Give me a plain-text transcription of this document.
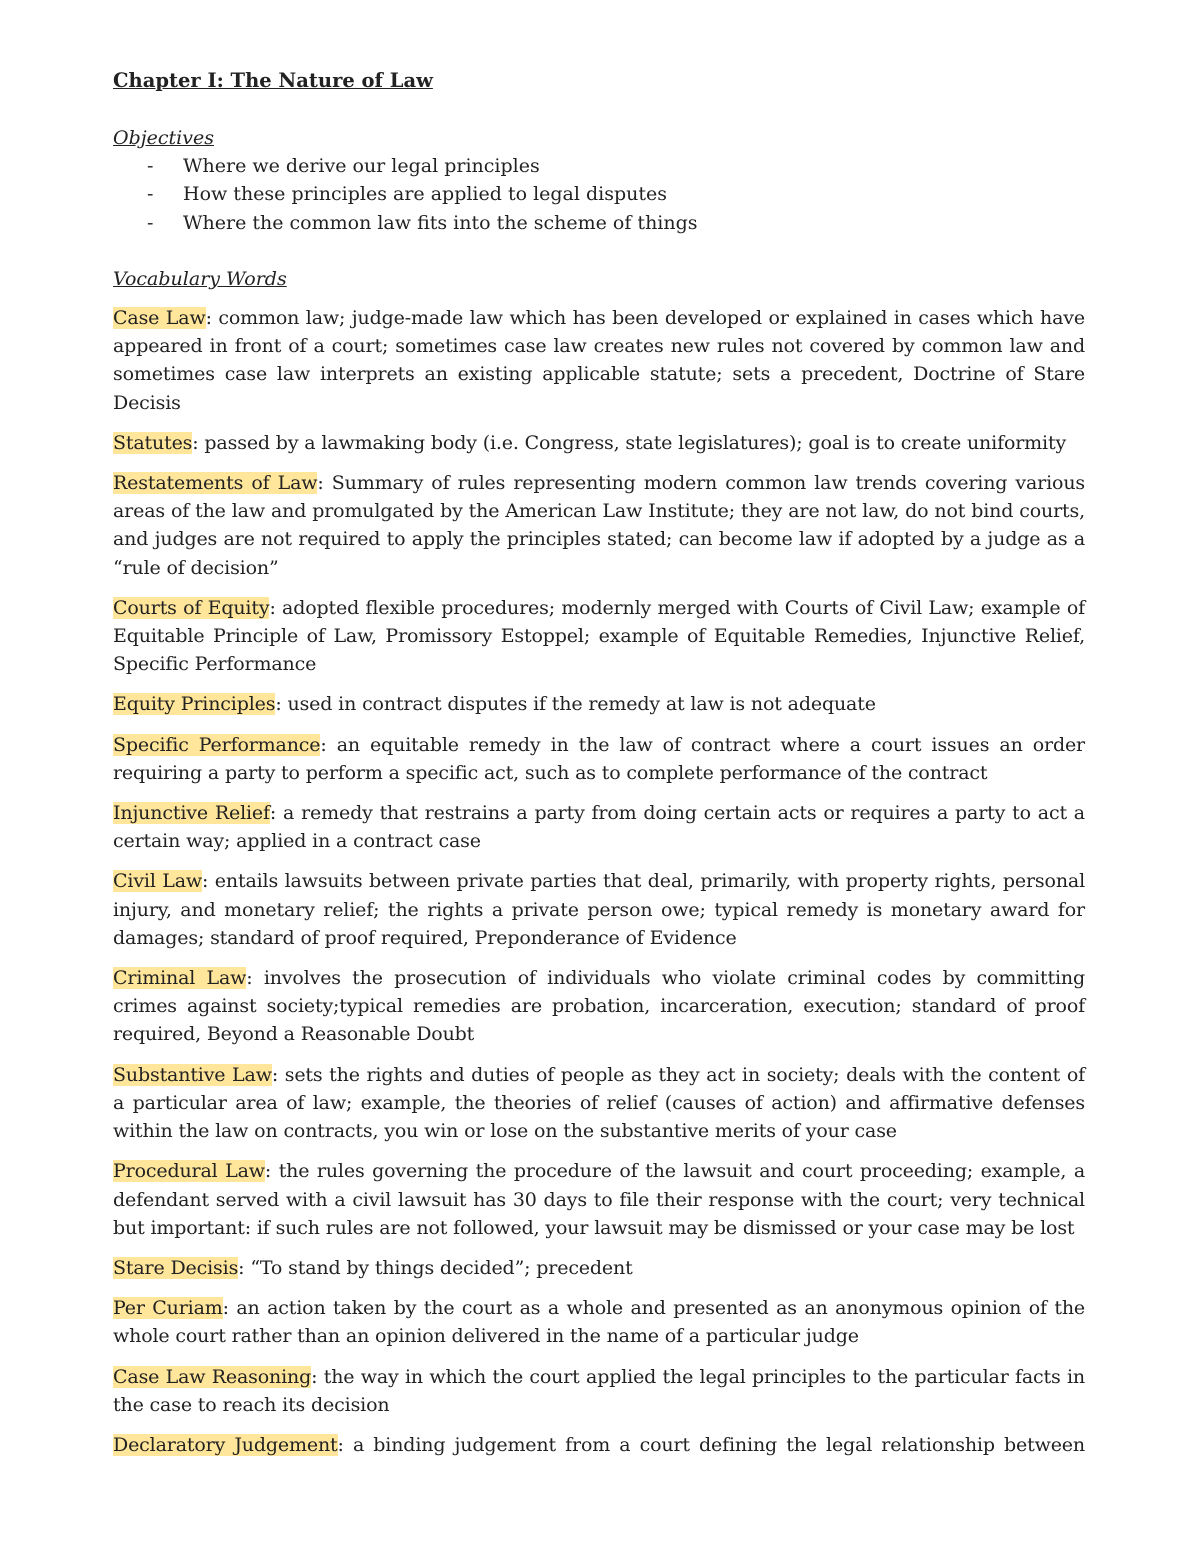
Chapter I: The Nature of Law
Objectives
- Where we derive our legal principles
- How these principles are applied to legal disputes
- Where the common law fits into the scheme of things
Vocabulary Words

Case Law: common law; judge-made law which has been developed or explained in cases which have appeared in front of a court; sometimes case law creates new rules not covered by common law and sometimes case law interprets an existing applicable statute; sets a precedent, Doctrine of Stare Decisis

Statutes: passed by a lawmaking body (i.e. Congress, state legislatures); goal is to create uniformity

Restatements of Law: Summary of rules representing modern common law trends covering various areas of the law and promulgated by the American Law Institute; they are not law, do not bind courts, and judges are not required to apply the principles stated; can become law if adopted by a judge as a “rule of decision”

Courts of Equity: adopted flexible procedures; modernly merged with Courts of Civil Law; example of Equitable Principle of Law, Promissory Estoppel; example of Equitable Remedies, Injunctive Relief, Specific Performance

Equity Principles: used in contract disputes if the remedy at law is not adequate

Specific Performance: an equitable remedy in the law of contract where a court issues an order requiring a party to perform a specific act, such as to complete performance of the contract

Injunctive Relief: a remedy that restrains a party from doing certain acts or requires a party to act a certain way; applied in a contract case

Civil Law: entails lawsuits between private parties that deal, primarily, with property rights, personal injury, and monetary relief; the rights a private person owe; typical remedy is monetary award for damages; standard of proof required, Preponderance of Evidence

Criminal Law: involves the prosecution of individuals who violate criminal codes by committing crimes against society;typical remedies are probation, incarceration, execution; standard of proof required, Beyond a Reasonable Doubt

Substantive Law: sets the rights and duties of people as they act in society; deals with the content of a particular area of law; example, the theories of relief (causes of action) and affirmative defenses within the law on contracts, you win or lose on the substantive merits of your case

Procedural Law: the rules governing the procedure of the lawsuit and court proceeding; example, a defendant served with a civil lawsuit has 30 days to file their response with the court; very technical but important: if such rules are not followed, your lawsuit may be dismissed or your case may be lost

Stare Decisis: “To stand by things decided”; precedent

Per Curiam: an action taken by the court as a whole and presented as an anonymous opinion of the whole court rather than an opinion delivered in the name of a particular judge

Case Law Reasoning: the way in which the court applied the legal principles to the particular facts in the case to reach its decision

Declaratory Judgement: a binding judgement from a court defining the legal relationship between
